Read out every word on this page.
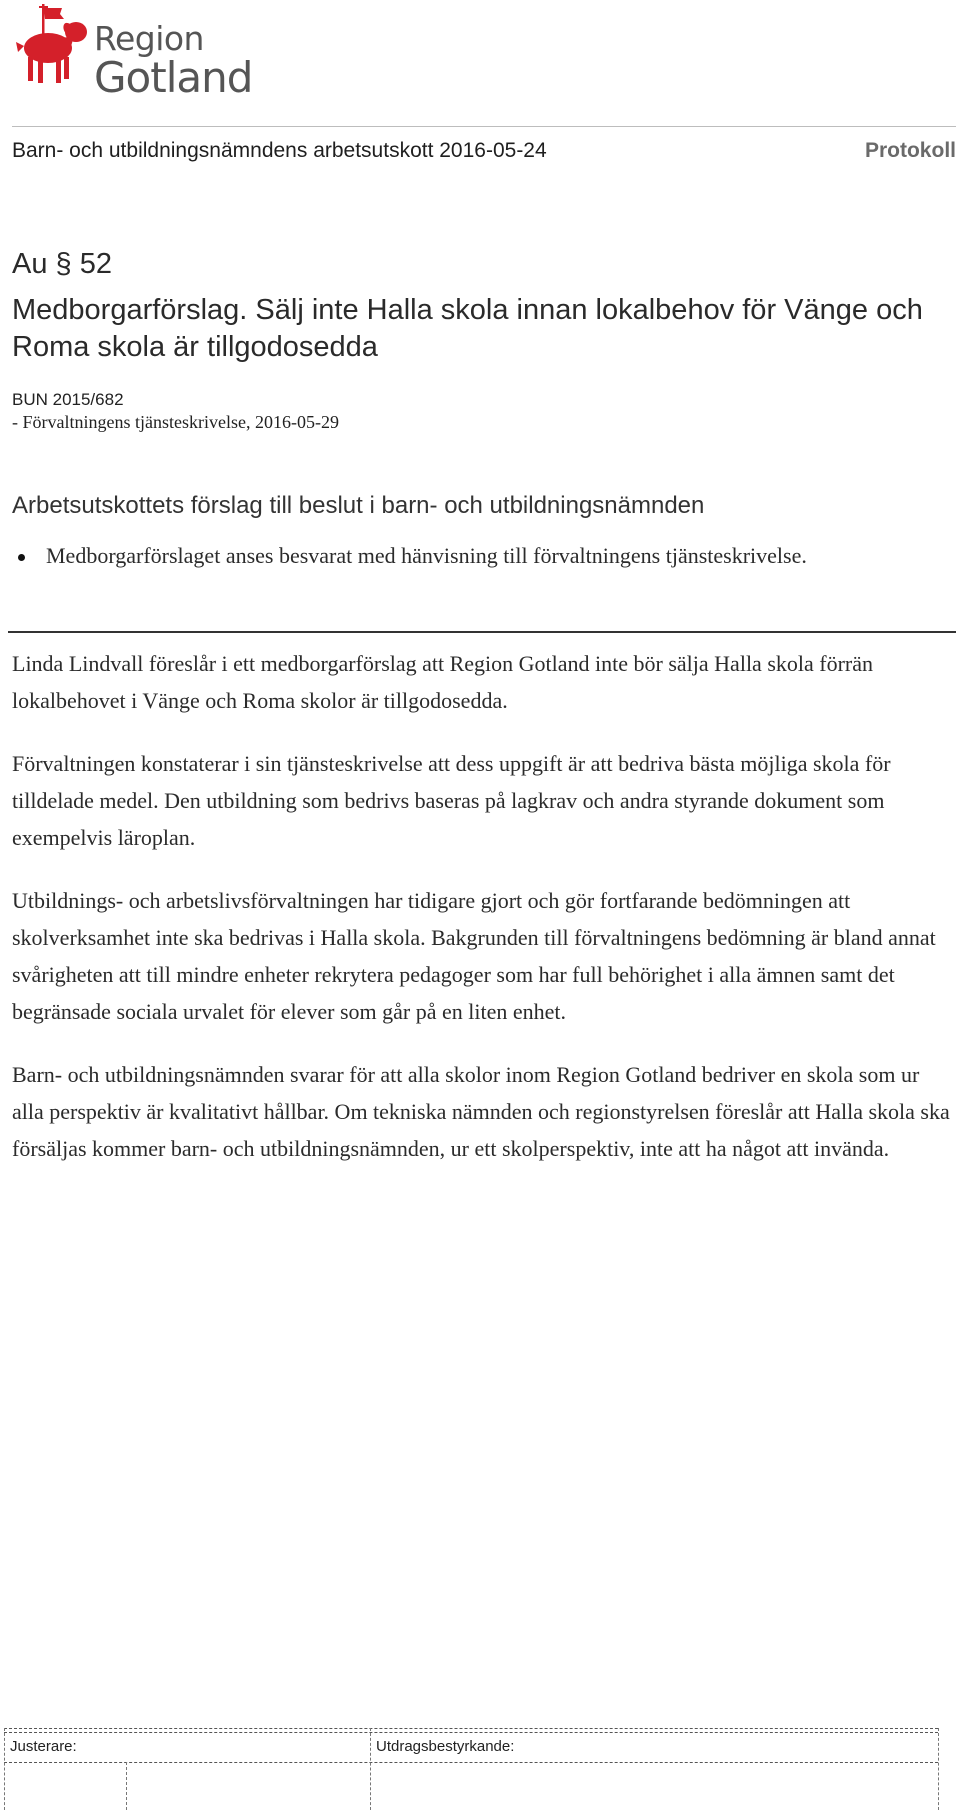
Region
Gotland
Barn- och utbildningsnämndens arbetsutskott 2016-05-24	Protokoll
Au § 52
Medborgarförslag. Sälj inte Halla skola innan lokalbehov för Vänge och Roma skola är tillgodosedda
BUN 2015/682
- Förvaltningens tjänsteskrivelse, 2016-05-29
Arbetsutskottets förslag till beslut i barn- och utbildningsnämnden
Medborgarförslaget anses besvarat med hänvisning till förvaltningens tjänsteskrivelse.

Linda Lindvall föreslår i ett medborgarförslag att Region Gotland inte bör sälja Halla skola förrän lokalbehovet i Vänge och Roma skolor är tillgodosedda.

Förvaltningen konstaterar i sin tjänsteskrivelse att dess uppgift är att bedriva bästa möjliga skola för tilldelade medel. Den utbildning som bedrivs baseras på lagkrav och andra styrande dokument som exempelvis läroplan.

Utbildnings- och arbetslivsförvaltningen har tidigare gjort och gör fortfarande bedömningen att skolverksamhet inte ska bedrivas i Halla skola. Bakgrunden till förvaltningens bedömning är bland annat svårigheten att till mindre enheter rekrytera pedagoger som har full behörighet i alla ämnen samt det begränsade sociala urvalet för elever som går på en liten enhet.

Barn- och utbildningsnämnden svarar för att alla skolor inom Region Gotland bedriver en skola som ur alla perspektiv är kvalitativt hållbar. Om tekniska nämnden och regionstyrelsen föreslår att Halla skola ska försäljas kommer barn- och utbildningsnämnden, ur ett skolperspektiv, inte att ha något att invända.

Justerare:	Utdragsbestyrkande:
